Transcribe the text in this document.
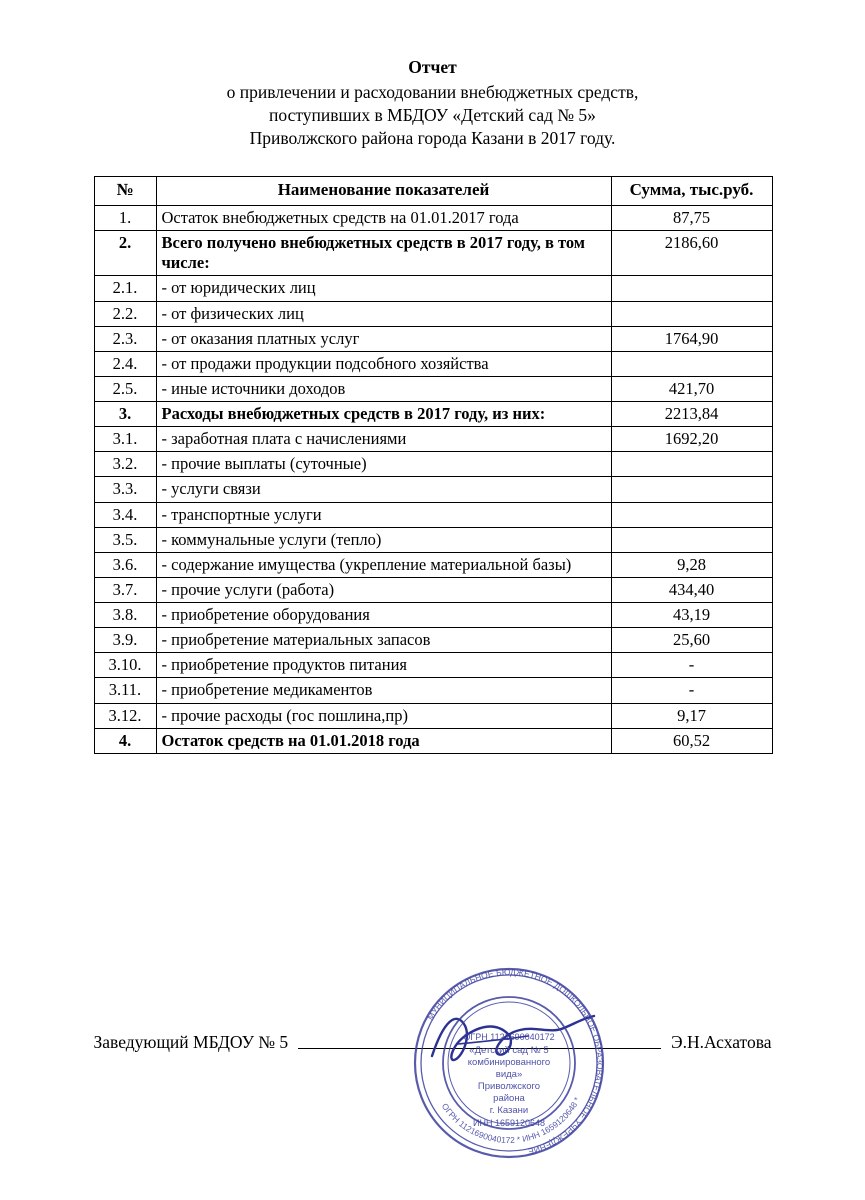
Отчет
о привлечении и расходовании внебюджетных средств,
поступивших в МБДОУ «Детский сад № 5»
Приволжского района города Казани в 2017 году.
№	Наименование показателей	Сумма, тыс.руб.
1.	Остаток внебюджетных средств на 01.01.2017 года	87,75
2.	Всего получено внебюджетных средств в 2017 году, в том числе:	2186,60
2.1.	- от юридических лиц	
2.2.	- от физических лиц	
2.3.	- от оказания платных услуг	1764,90
2.4.	- от продажи продукции подсобного хозяйства	
2.5.	- иные источники доходов	421,70
3.	Расходы внебюджетных средств в 2017 году, из них:	2213,84
3.1.	- заработная плата с начислениями	1692,20
3.2.	- прочие выплаты (суточные)	
3.3.	- услуги связи	
3.4.	- транспортные услуги	
3.5.	- коммунальные услуги (тепло)	
3.6.	- содержание имущества (укрепление материальной базы)	9,28
3.7.	- прочие услуги (работа)	434,40
3.8.	- приобретение оборудования	43,19
3.9.	- приобретение материальных запасов	25,60
3.10.	- приобретение продуктов питания	-
3.11.	- приобретение медикаментов	-
3.12.	- прочие расходы (гос пошлина,пр)	9,17
4.	Остаток средств на 01.01.2018 года	60,52
Заведующий МБДОУ № 5	Э.Н.Асхатова
МУНИЦИПАЛЬНОЕ БЮДЖЕТНОЕ ДОШКОЛЬНОЕ ОБРАЗОВАТЕЛЬНОЕ УЧРЕЖДЕНИЕ
ОГРН 1121690040172 * ИНН 1659120648 *
ОГРН 1121690040172
«Детский сад № 5
комбинированного
вида»
Приволжского
района
г. Казани
ИНН 1659120648
